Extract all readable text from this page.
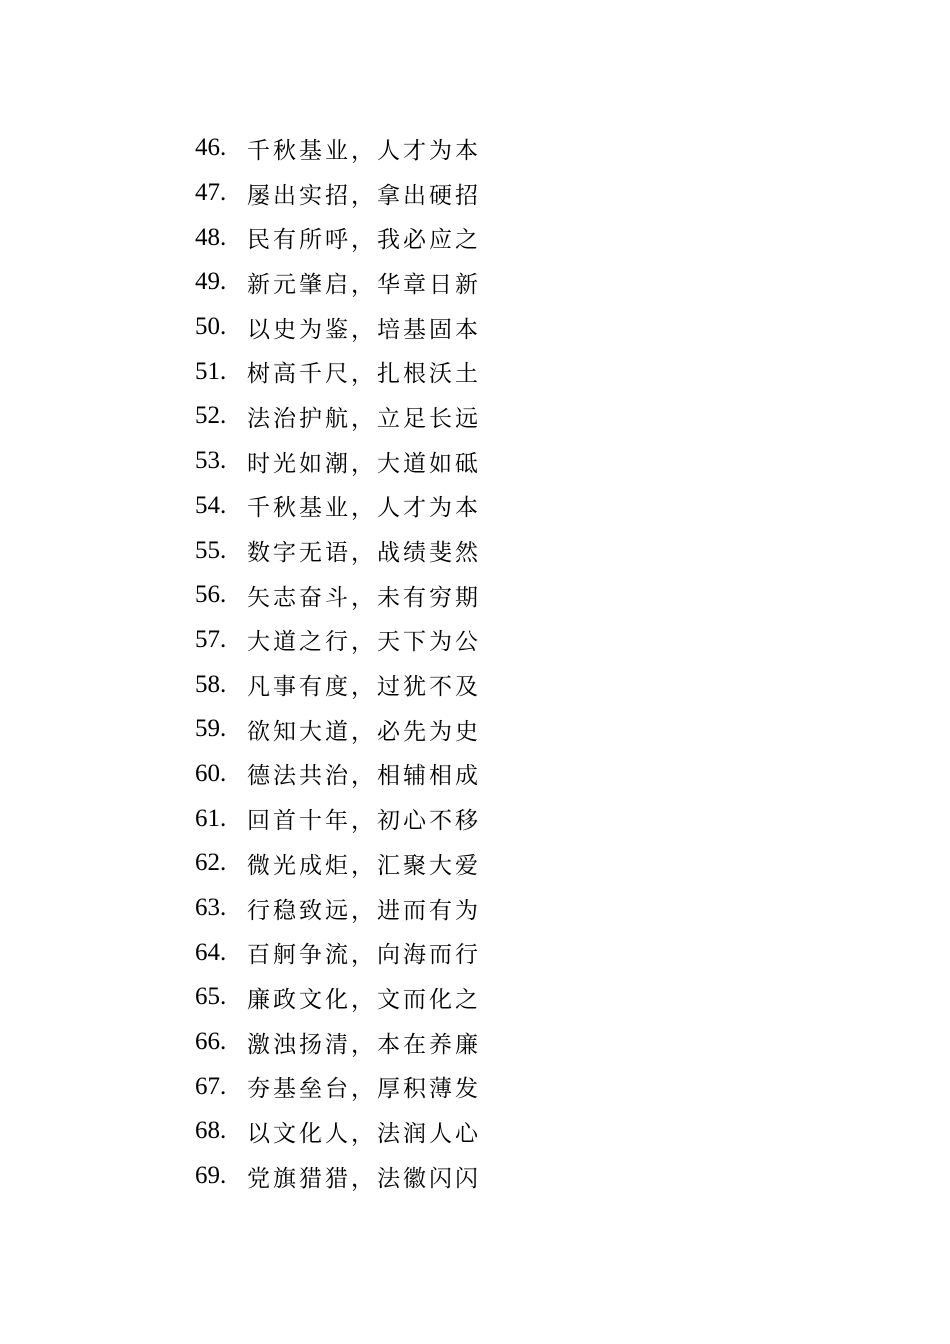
46. 千秋基业，人才为本
47. 屡出实招，拿出硬招
48. 民有所呼，我必应之
49. 新元肇启，华章日新
50. 以史为鉴，培基固本
51. 树高千尺，扎根沃土
52. 法治护航，立足长远
53. 时光如潮，大道如砥
54. 千秋基业，人才为本
55. 数字无语，战绩斐然
56. 矢志奋斗，未有穷期
57. 大道之行，天下为公
58. 凡事有度，过犹不及
59. 欲知大道，必先为史
60. 德法共治，相辅相成
61. 回首十年，初心不移
62. 微光成炬，汇聚大爱
63. 行稳致远，进而有为
64. 百舸争流，向海而行
65. 廉政文化，文而化之
66. 激浊扬清，本在养廉
67. 夯基垒台，厚积薄发
68. 以文化人，法润人心
69. 党旗猎猎，法徽闪闪
